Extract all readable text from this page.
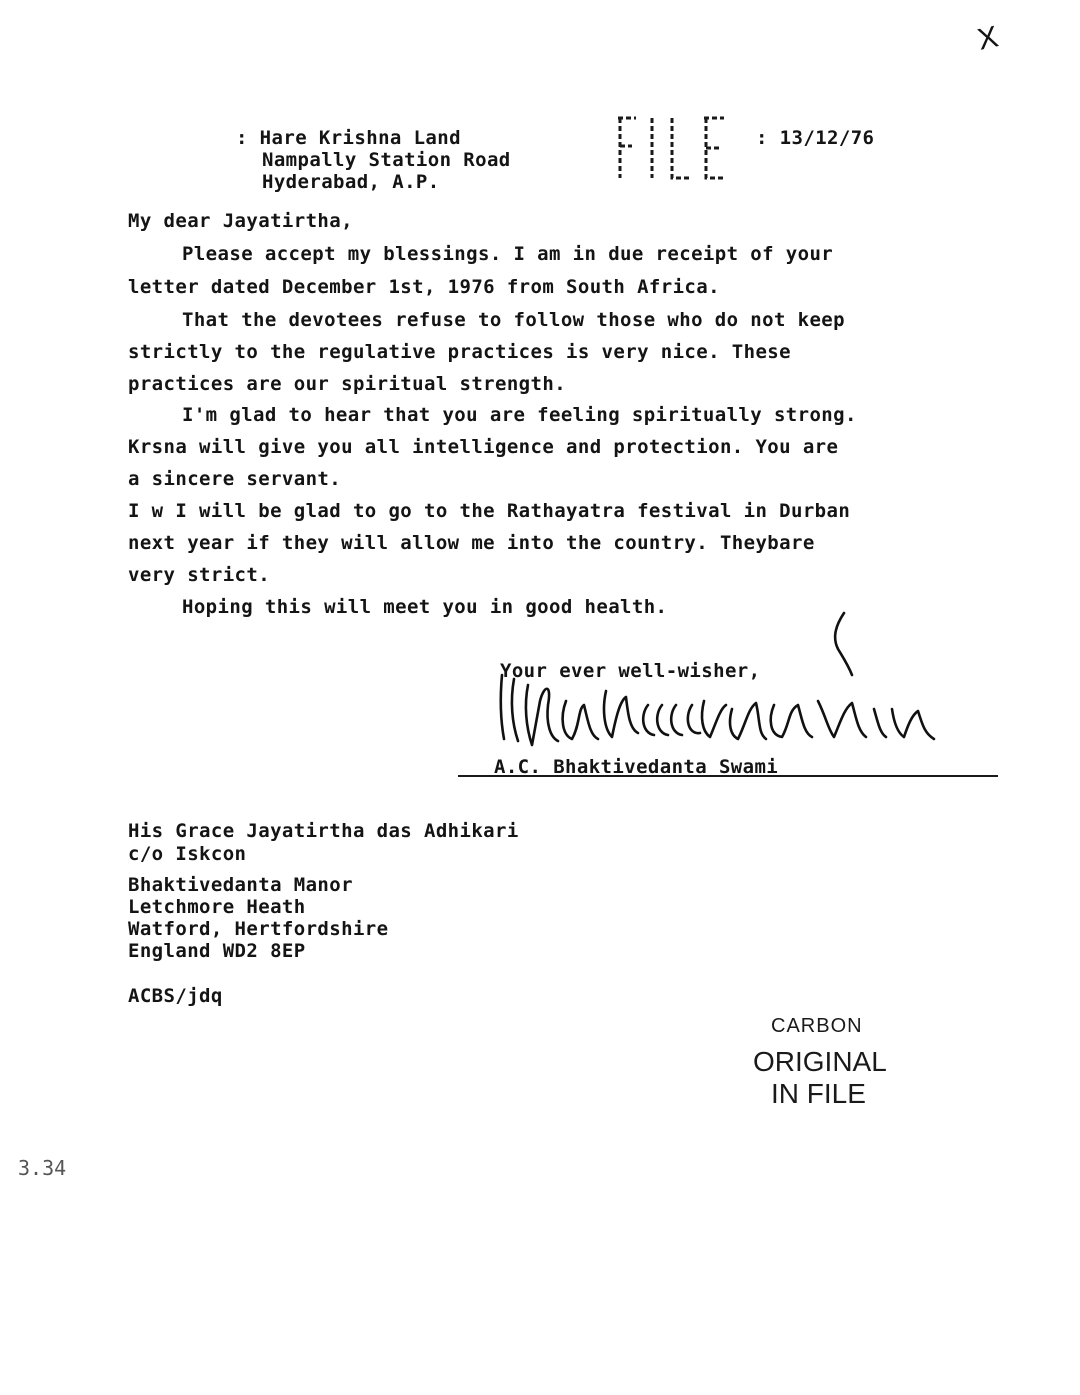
X
: Hare Krishna Land
Nampally Station Road
Hyderabad, A.P.
: 13/12/76
My dear Jayatirtha,
Please accept my blessings. I am in due receipt of your
letter dated December 1st, 1976 from South Africa.
That the devotees refuse to follow those who do not keep
strictly to the regulative practices is very nice. These
practices are our spiritual strength.
I'm glad to hear that you are feeling spiritually strong.
Krsna will give you all intelligence and protection. You are
a sincere servant.
I w I will be glad to go to the Rathayatra festival in Durban
next year if they will allow me into the country. Theybare
very strict.
Hoping this will meet you in good health.
Your ever well-wisher,
A.C. Bhaktivedanta Swami
His Grace Jayatirtha das Adhikari
c/o Iskcon
Bhaktivedanta Manor
Letchmore Heath
Watford, Hertfordshire
England WD2 8EP
ACBS/jdq
CARBON
ORIGINAL
IN FILE
3.34
